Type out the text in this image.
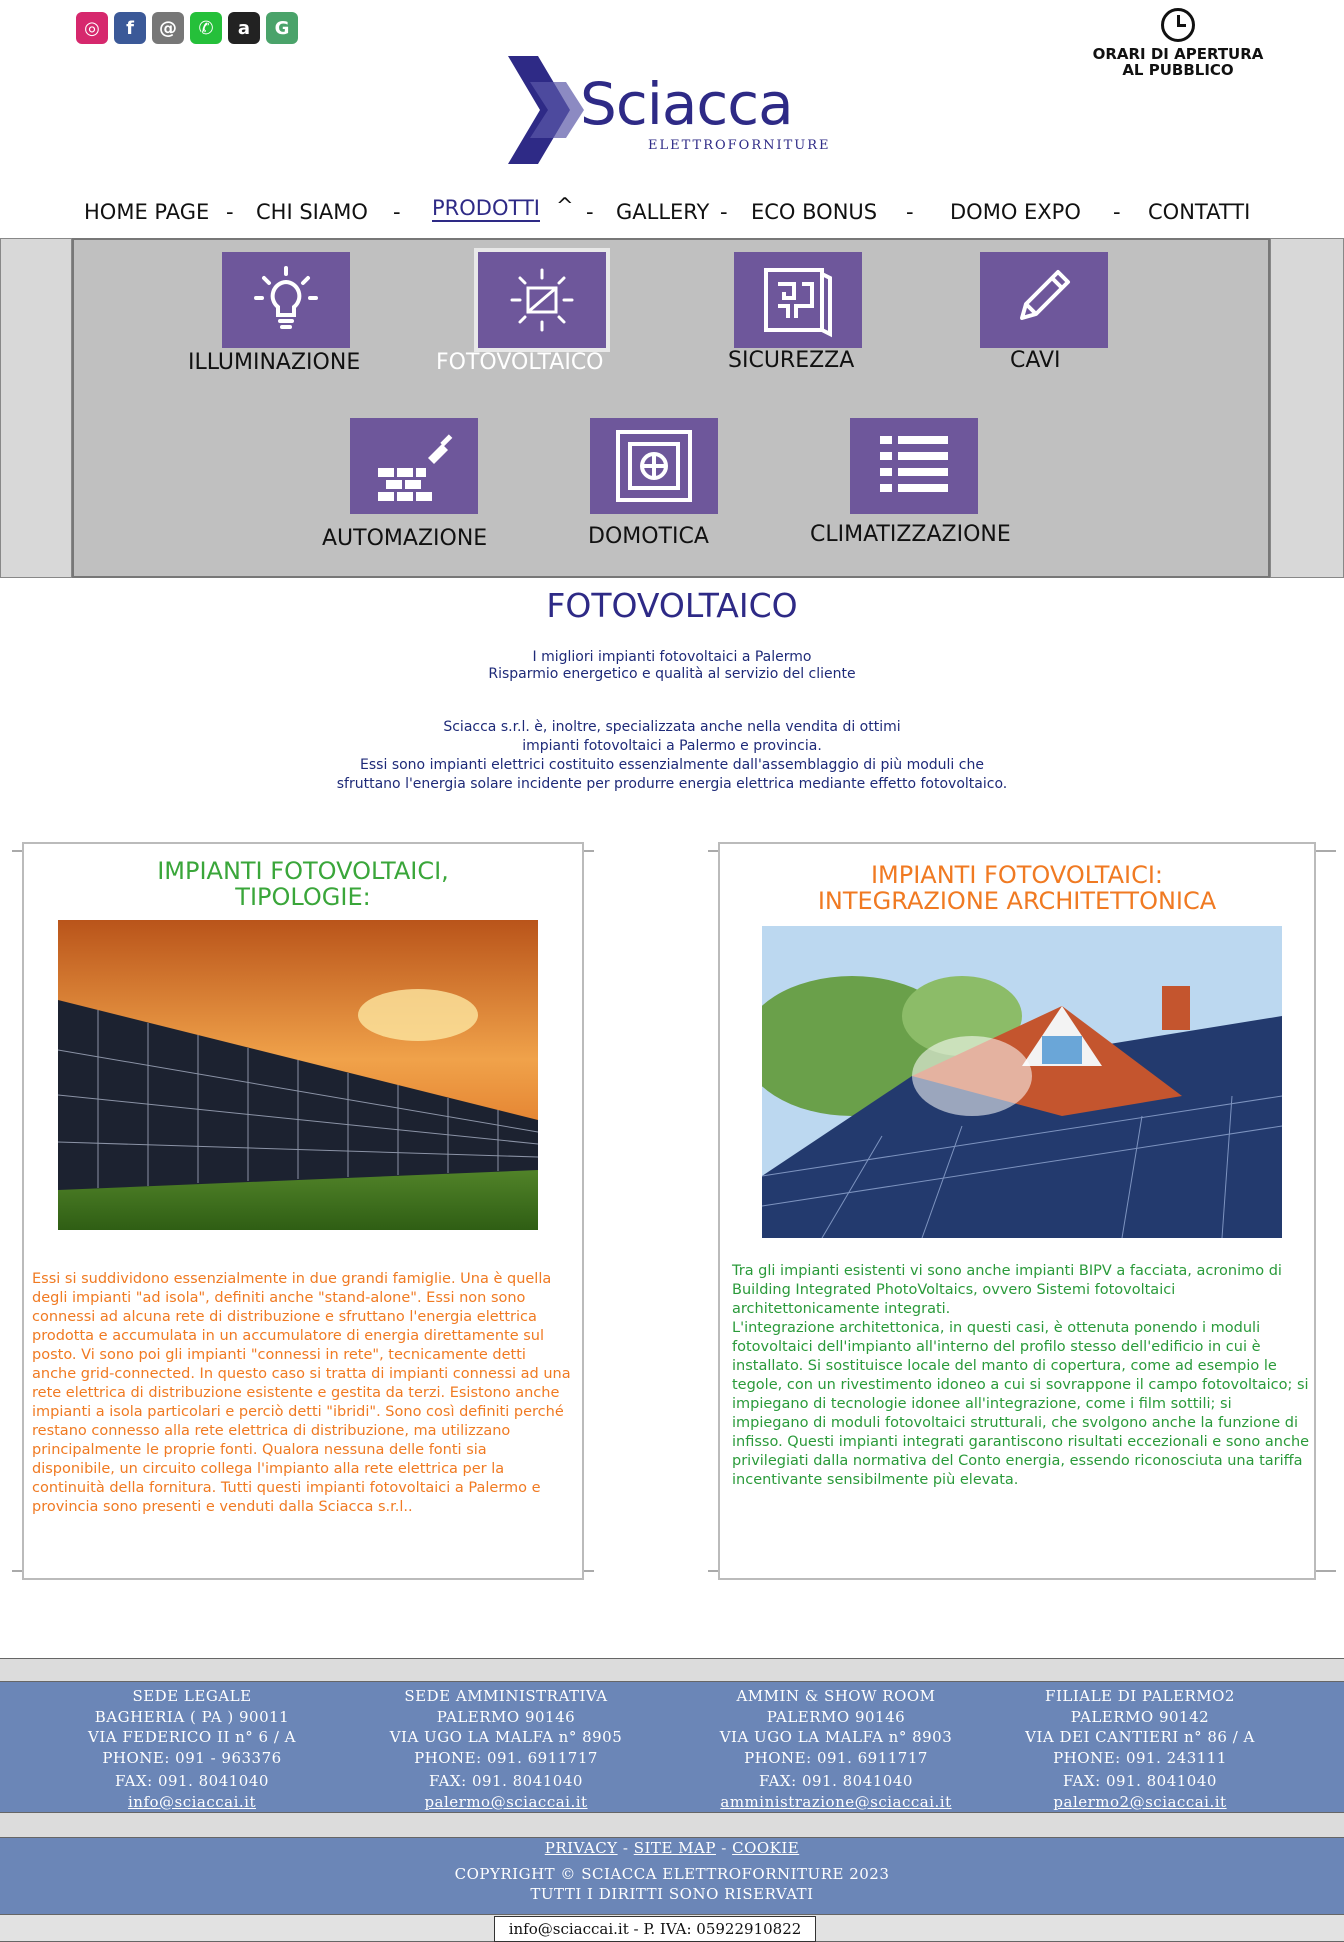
◎	f	@	✆	a	G
ORARI DI APERTURA
AL PUBBLICO
Sciacca
ELETTROFORNITURE
HOME PAGE - CHI SIAMO - PRODOTTI ^ - GALLERY - ECO BONUS - DOMO EXPO - CONTATTI
ILLUMINAZIONE	FOTOVOLTAICO	SICUREZZA	CAVI
AUTOMAZIONE	DOMOTICA	CLIMATIZZAZIONE
FOTOVOLTAICO
I migliori impianti fotovoltaici a Palermo
Risparmio energetico e qualità al servizio del cliente
Sciacca s.r.l. è, inoltre, specializzata anche nella vendita di ottimi
impianti fotovoltaici a Palermo e provincia.
Essi sono impianti elettrici costituito essenzialmente dall'assemblaggio di più moduli che
sfruttano l'energia solare incidente per produrre energia elettrica mediante effetto fotovoltaico.
IMPIANTI FOTOVOLTAICI,
TIPOLOGIE:
Essi si suddividono essenzialmente in due grandi famiglie. Una è quella degli impianti "ad isola", definiti anche "stand-alone". Essi non sono connessi ad alcuna rete di distribuzione e sfruttano l'energia elettrica prodotta e accumulata in un accumulatore di energia direttamente sul posto. Vi sono poi gli impianti "connessi in rete", tecnicamente detti anche grid-connected. In questo caso si tratta di impianti connessi ad una rete elettrica di distribuzione esistente e gestita da terzi. Esistono anche impianti a isola particolari e perciò detti "ibridi". Sono così definiti perché restano connesso alla rete elettrica di distribuzione, ma utilizzano principalmente le proprie fonti. Qualora nessuna delle fonti sia disponibile, un circuito collega l'impianto alla rete elettrica per la continuità della fornitura. Tutti questi impianti fotovoltaici a Palermo e provincia sono presenti e venduti dalla Sciacca s.r.l..
IMPIANTI FOTOVOLTAICI:
INTEGRAZIONE ARCHITETTONICA
Tra gli impianti esistenti vi sono anche impianti BIPV a facciata, acronimo di Building Integrated PhotoVoltaics, ovvero Sistemi fotovoltaici architettonicamente integrati.
L'integrazione architettonica, in questi casi, è ottenuta ponendo i moduli fotovoltaici dell'impianto all'interno del profilo stesso dell'edificio in cui è installato. Si sostituisce locale del manto di copertura, come ad esempio le tegole, con un rivestimento idoneo a cui si sovrappone il campo fotovoltaico; si impiegano di tecnologie idonee all'integrazione, come i film sottili; si impiegano di moduli fotovoltaici strutturali, che svolgono anche la funzione di infisso. Questi impianti integrati garantiscono risultati eccezionali e sono anche privilegiati dalla normativa del Conto energia, essendo riconosciuta una tariffa incentivante sensibilmente più elevata.
SEDE LEGALE
BAGHERIA ( PA ) 90011
VIA FEDERICO II n° 6 / A
PHONE: 091 - 963376
FAX: 091. 8041040
info@sciaccai.it
SEDE AMMINISTRATIVA
PALERMO 90146
VIA UGO LA MALFA n° 8905
PHONE: 091. 6911717
FAX: 091. 8041040
palermo@sciaccai.it
AMMIN & SHOW ROOM
PALERMO 90146
VIA UGO LA MALFA n° 8903
PHONE: 091. 6911717
FAX: 091. 8041040
amministrazione@sciaccai.it
FILIALE DI PALERMO2
PALERMO 90142
VIA DEI CANTIERI n° 86 / A
PHONE: 091. 243111
FAX: 091. 8041040
palermo2@sciaccai.it
PRIVACY - SITE MAP - COOKIE
COPYRIGHT © SCIACCA ELETTROFORNITURE 2023
TUTTI I DIRITTI SONO RISERVATI
info@sciaccai.it - P. IVA: 05922910822
